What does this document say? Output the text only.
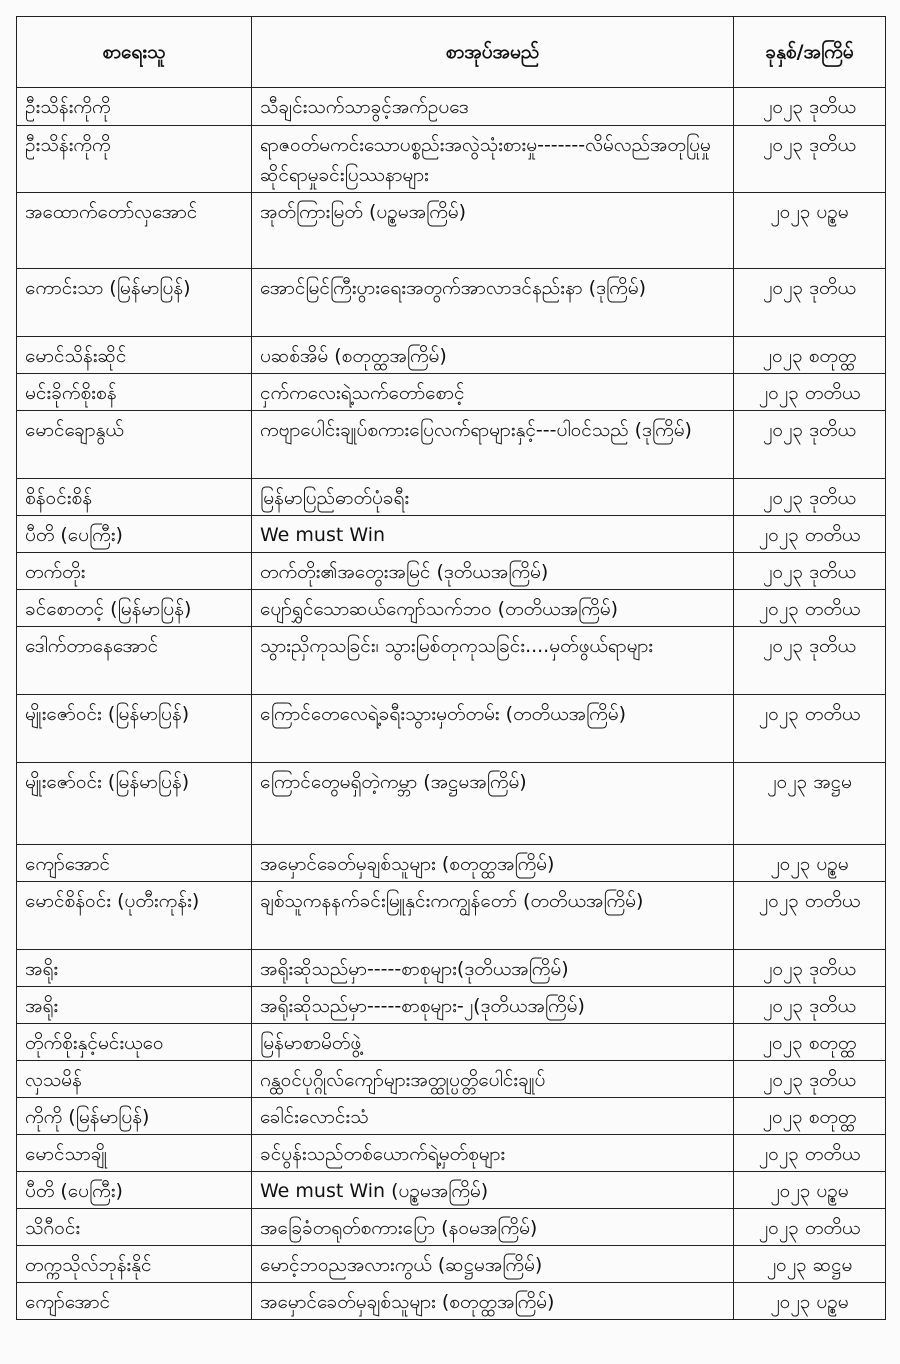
စာရေးသူ	စာအုပ်အမည်	ခုနှစ်/အကြိမ်
ဦးသိန်းကိုကို	သီချင်းသက်သာခွင့်အက်ဥပဒေ	၂၀၂၃ ဒုတိယ
ဦးသိန်းကိုကို	ရာဇဝတ်မကင်းသောပစ္စည်းအလွဲသုံးစားမှု-------လိမ်လည်အတုပြုမှုဆိုင်ရာမှုခင်းပြဿနာများ	၂၀၂၃ ဒုတိယ
အထောက်တော်လှအောင်	အုတ်ကြားမြတ် (ပဉ္စမအကြိမ်)	၂၀၂၃ ပဉ္စမ
ကောင်းသာ (မြန်မာပြန်)	အောင်မြင်ကြီးပွားရေးအတွက်အာလာဒင်နည်းနာ (ဒုကြိမ်)	၂၀၂၃ ဒုတိယ
မောင်သိန်းဆိုင်	ပဆစ်အိမ် (စတုတ္ထအကြိမ်)	၂၀၂၃ စတုတ္ထ
မင်းခိုက်စိုးစန်	ငှက်ကလေးရဲ့သက်တော်စောင့်	၂၀၂၃ တတိယ
မောင်ချောနွယ်	ကဗျာပေါင်းချုပ်စကားပြေလက်ရာများနှင့်---ပါဝင်သည် (ဒုကြိမ်)	၂၀၂၃ ဒုတိယ
စိန်ဝင်းစိန်	မြန်မာပြည်ဓာတ်ပုံခရီး	၂၀၂၃ ဒုတိယ
ပီတိ (ပေကြီး)	We must Win	၂၀၂၃ တတိယ
တက်တိုး	တက်တိုး၏အတွေးအမြင် (ဒုတိယအကြိမ်)	၂၀၂၃ ဒုတိယ
ခင်စောတင့် (မြန်မာပြန်)	ပျော်ရွှင်သောဆယ်ကျော်သက်ဘဝ (တတိယအကြိမ်)	၂၀၂၃ တတိယ
ဒေါက်တာနေအောင်	သွားညှိကုသခြင်း၊ သွားမြစ်တုကုသခြင်း....မှတ်ဖွယ်ရာများ	၂၀၂၃ ဒုတိယ
မျိုးဇော်ဝင်း (မြန်မာပြန်)	ကြောင်တေလေရဲ့ခရီးသွားမှတ်တမ်း (တတိယအကြိမ်)	၂၀၂၃ တတိယ
မျိုးဇော်ဝင်း (မြန်မာပြန်)	ကြောင်တွေမရှိတဲ့ကမ္ဘာ (အဋ္ဌမအကြိမ်)	၂၀၂၃ အဋ္ဌမ
ကျော်အောင်	အမှောင်ခေတ်မှချစ်သူများ (စတုတ္ထအကြိမ်)	၂၀၂၃ ပဉ္စမ
မောင်စိန်ဝင်း (ပုတီးကုန်း)	ချစ်သူကနနက်ခင်းမြူနှင်းကကျွန်တော် (တတိယအကြိမ်)	၂၀၂၃ တတိယ
အရိုး	အရိုးဆိုသည်မှာ-----စာစုများ(ဒုတိယအကြိမ်)	၂၀၂၃ ဒုတိယ
အရိုး	အရိုးဆိုသည်မှာ-----စာစုများ-၂(ဒုတိယအကြိမ်)	၂၀၂၃ ဒုတိယ
တိုက်စိုးနှင့်မင်းယုဝေ	မြန်မာစာမိတ်ဖွဲ့	၂၀၂၃ စတုတ္ထ
လှသမိန်	ဂန္ထဝင်ပုဂ္ဂိုလ်ကျော်များအတ္ထုပ္ပတ္တိပေါင်းချုပ်	၂၀၂၃ ဒုတိယ
ကိုကို (မြန်မာပြန်)	ခေါင်းလောင်းသံ	၂၀၂၃ စတုတ္ထ
မောင်သာချို	ခင်ပွန်းသည်တစ်ယောက်ရဲ့မှတ်စုများ	၂၀၂၃ တတိယ
ပီတိ (ပေကြီး)	We must Win (ပဉ္စမအကြိမ်)	၂၀၂၃ ပဉ္စမ
သိဂီဝင်း	အခြေခံတရုတ်စကားပြော (နဝမအကြိမ်)	၂၀၂၃ တတိယ
တက္ကသိုလ်ဘုန်းနိုင်	မောင့်ဘဝညအလားကွယ် (ဆဋ္ဌမအကြိမ်)	၂၀၂၃ ဆဋ္ဌမ
ကျော်အောင်	အမှောင်ခေတ်မှချစ်သူများ (စတုတ္ထအကြိမ်)	၂၀၂၃ ပဉ္စမ
